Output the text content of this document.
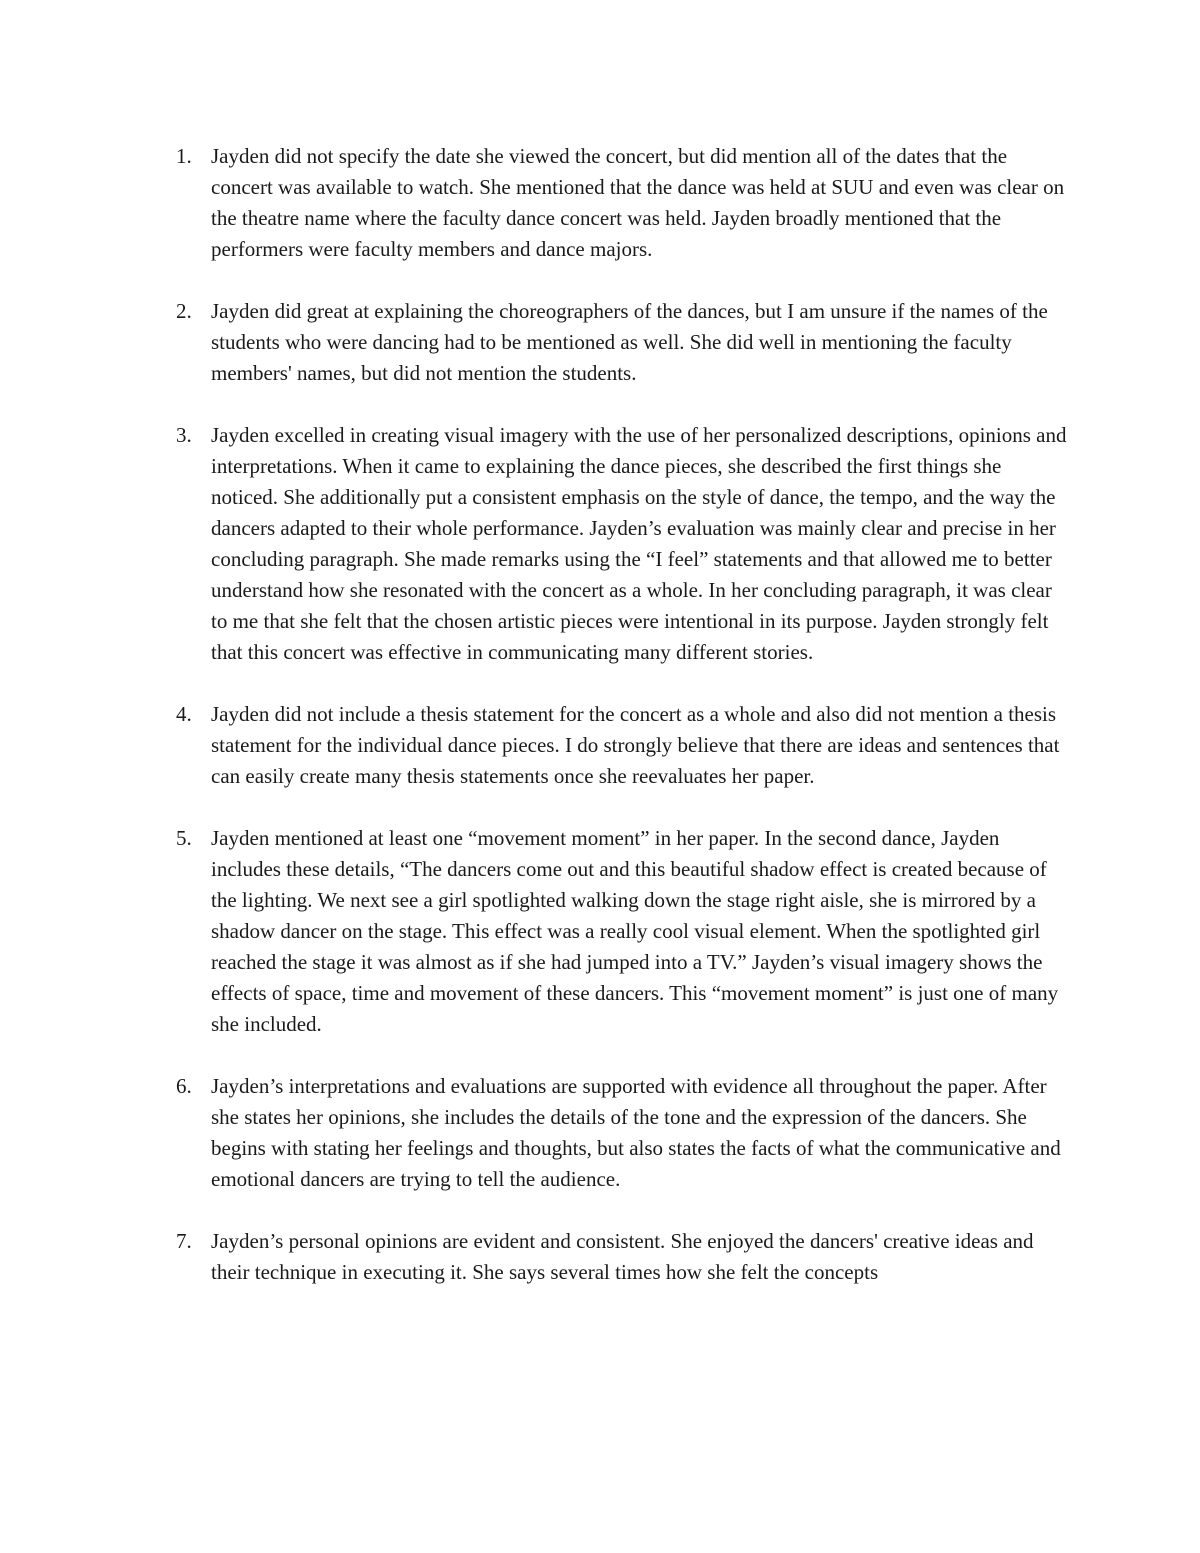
1. Jayden did not specify the date she viewed the concert, but did mention all of the dates that the concert was available to watch. She mentioned that the dance was held at SUU and even was clear on the theatre name where the faculty dance concert was held. Jayden broadly mentioned that the performers were faculty members and dance majors.
2. Jayden did great at explaining the choreographers of the dances, but I am unsure if the names of the students who were dancing had to be mentioned as well. She did well in mentioning the faculty members' names, but did not mention the students.
3. Jayden excelled in creating visual imagery with the use of her personalized descriptions, opinions and interpretations. When it came to explaining the dance pieces, she described the first things she noticed. She additionally put a consistent emphasis on the style of dance, the tempo, and the way the dancers adapted to their whole performance. Jayden’s evaluation was mainly clear and precise in her concluding paragraph. She made remarks using the “I feel” statements and that allowed me to better understand how she resonated with the concert as a whole. In her concluding paragraph, it was clear to me that she felt that the chosen artistic pieces were intentional in its purpose. Jayden strongly felt that this concert was effective in communicating many different stories.
4. Jayden did not include a thesis statement for the concert as a whole and also did not mention a thesis statement for the individual dance pieces. I do strongly believe that there are ideas and sentences that can easily create many thesis statements once she reevaluates her paper.
5. Jayden mentioned at least one “movement moment” in her paper. In the second dance, Jayden includes these details, “The dancers come out and this beautiful shadow effect is created because of the lighting. We next see a girl spotlighted walking down the stage right aisle, she is mirrored by a shadow dancer on the stage. This effect was a really cool visual element. When the spotlighted girl reached the stage it was almost as if she had jumped into a TV.” Jayden’s visual imagery shows the effects of space, time and movement of these dancers. This “movement moment” is just one of many she included.
6. Jayden’s interpretations and evaluations are supported with evidence all throughout the paper. After she states her opinions, she includes the details of the tone and the expression of the dancers. She begins with stating her feelings and thoughts, but also states the facts of what the communicative and emotional dancers are trying to tell the audience.
7. Jayden’s personal opinions are evident and consistent. She enjoyed the dancers' creative ideas and their technique in executing it. She says several times how she felt the concepts
